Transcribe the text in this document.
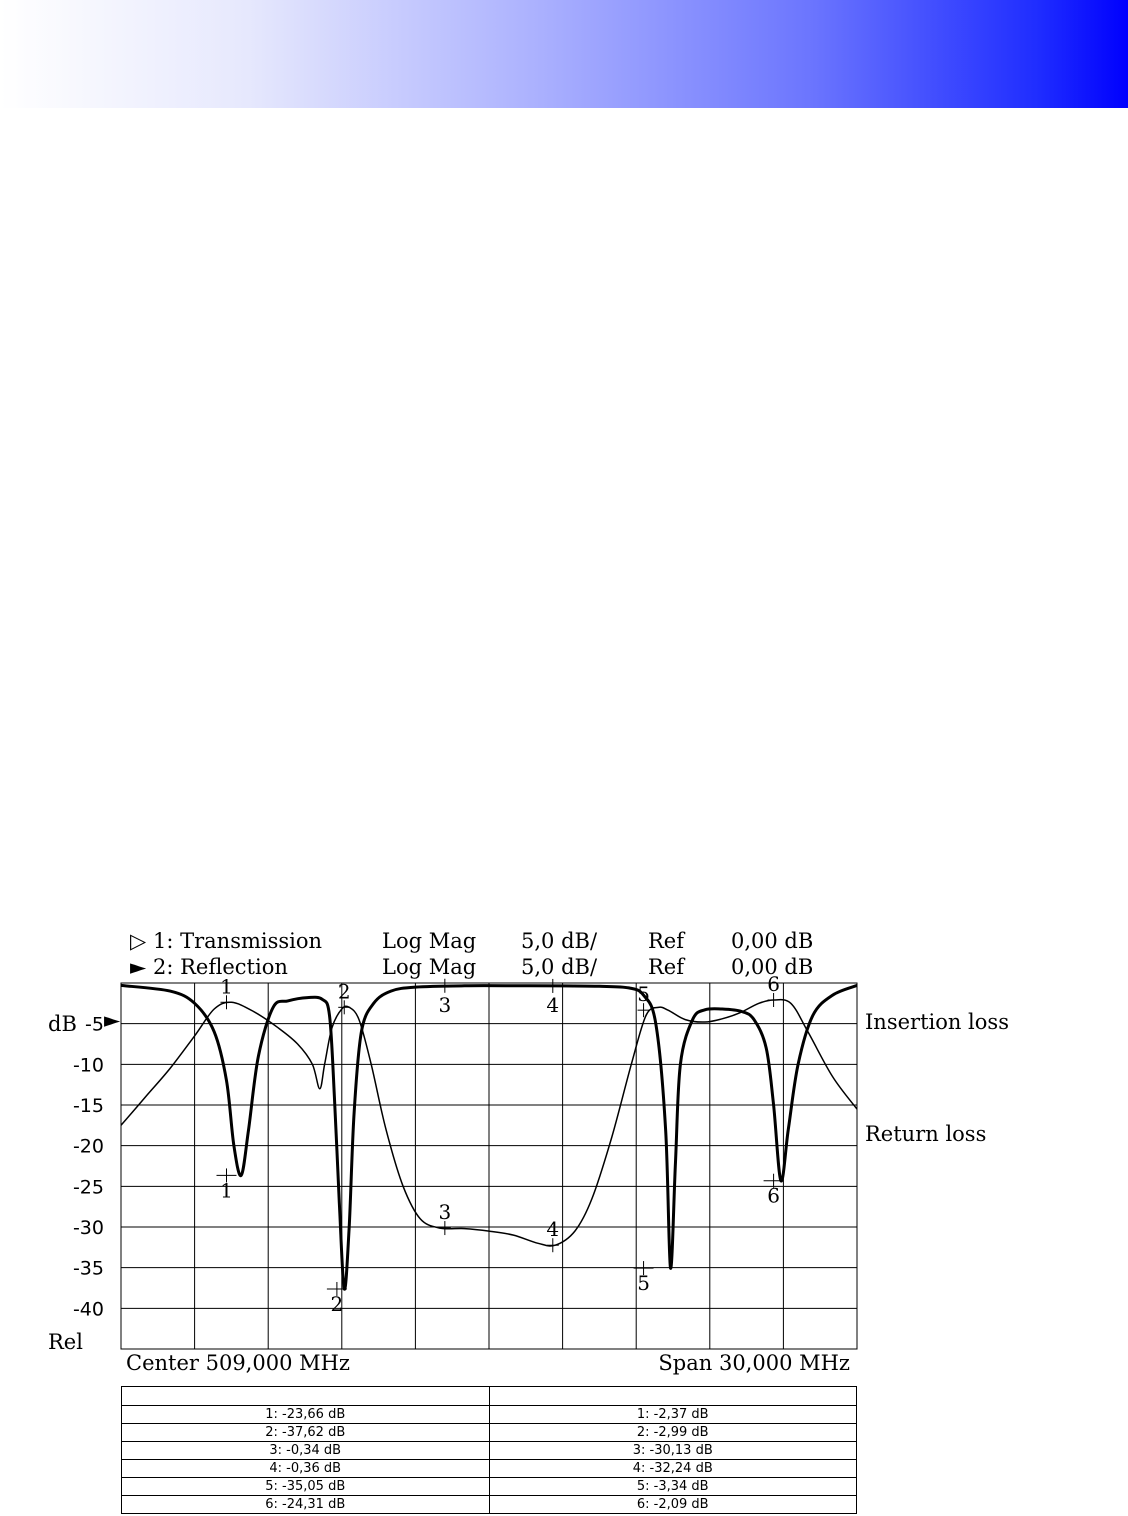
▷ 1: Transmission	Log Mag 5,0 dB/ Ref 0,00 dB
► 2: Reflection	Log Mag 5,0 dB/ Ref 0,00 dB
dB
Rel
►
-5
-10
-15
-20
-25
-30
-35
-40
1
2
3	4
5
6
1	2
3
4
5	6
Insertion loss
Return loss
Center 509,000 MHz	Span 30,000 MHz

1: -23,66 dB	1: -2,37 dB
2: -37,62 dB	2: -2,99 dB
3: -0,34 dB	3: -30,13 dB
4: -0,36 dB	4: -32,24 dB
5: -35,05 dB	5: -3,34 dB
6: -24,31 dB	6: -2,09 dB
